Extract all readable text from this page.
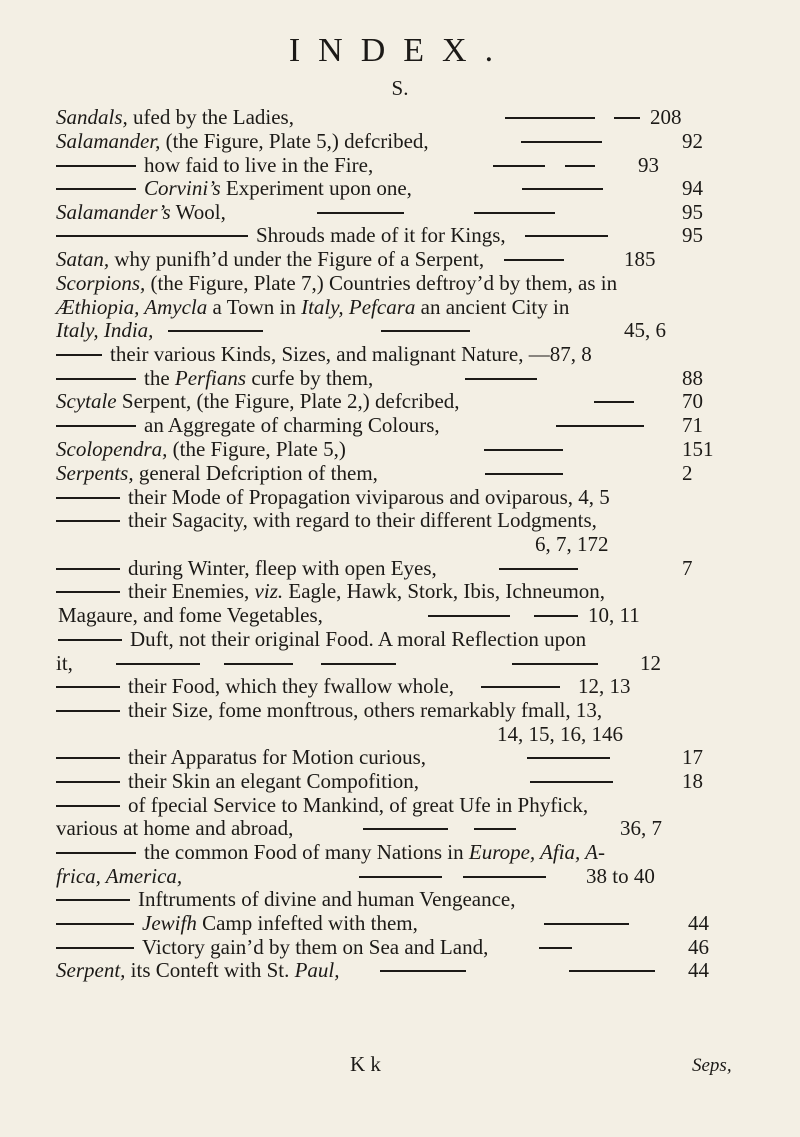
INDEX.
S.
Sandals, ufed by the Ladies,	208
Salamander, (the Figure, Plate 5,) defcribed,	92
how faid to live in the Fire,	93
Corvini’s Experiment upon one,	94
Salamander’s Wool,	95
Shrouds made of it for Kings,	95
Satan, why punifh’d under the Figure of a Serpent,	185
Scorpions, (the Figure, Plate 7,) Countries deftroy’d by them, as in
Æthiopia, Amycla a Town in Italy, Pefcara an ancient City in
Italy, India,	45, 6
their various Kinds, Sizes, and malignant Nature, —87, 8
the Perfians curfe by them,	88
Scytale Serpent, (the Figure, Plate 2,) defcribed,	70
an Aggregate of charming Colours,	71
Scolopendra, (the Figure, Plate 5,)	151
Serpents, general Defcription of them,	2
their Mode of Propagation viviparous and oviparous, 4, 5
their Sagacity, with regard to their different Lodgments,
6, 7, 172
during Winter, fleep with open Eyes,	7
their Enemies, viz. Eagle, Hawk, Stork, Ibis, Ichneumon,
Magaure, and fome Vegetables,	10, 11
Duft, not their original Food. A moral Reflection upon
it,	12
their Food, which they fwallow whole,	12, 13
their Size, fome monftrous, others remarkably fmall, 13,
14, 15, 16, 146
their Apparatus for Motion curious,	17
their Skin an elegant Compofition,	18
of fpecial Service to Mankind, of great Ufe in Phyfick,
various at home and abroad,	36, 7
the common Food of many Nations in Europe, Afia, A-
frica, America,	38 to 40
Inftruments of divine and human Vengeance,
Jewifh Camp infefted with them,	44
Victory gain’d by them on Sea and Land,	46
Serpent, its Conteft with St. Paul,	44
K k	Seps,
